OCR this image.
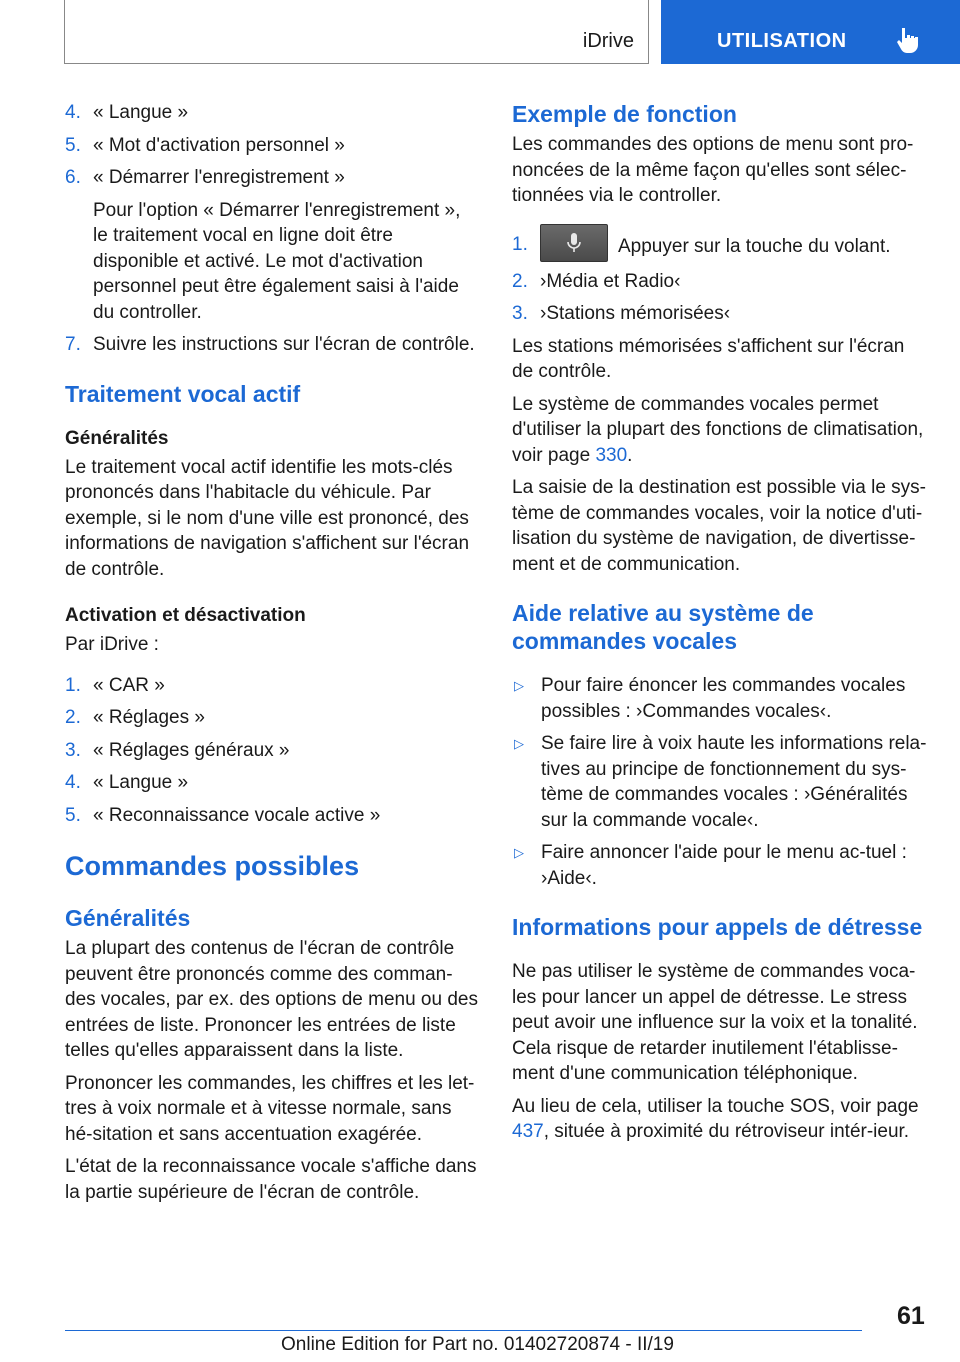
iDrive	UTILISATION
4. « Langue »
5. « Mot d'activation personnel »
6. « Démarrer l'enregistrement »
Pour l'option « Démarrer l'enregistrement », le traitement vocal en ligne doit être disponible et activé. Le mot d'activation personnel peut être également saisi à l'aide du controller.
7. Suivre les instructions sur l'écran de contrôle.
Traitement vocal actif
Généralités

Le traitement vocal actif identifie les mots-clés prononcés dans l'habitacle du véhicule. Par exemple, si le nom d'une ville est prononcé, des informations de navigation s'affichent sur l'écran de contrôle.

Activation et désactivation

Par iDrive :

1. « CAR »
2. « Réglages »
3. « Réglages généraux »
4. « Langue »
5. « Reconnaissance vocale active »
Commandes possibles
Généralités

La plupart des contenus de l'écran de contrôle peuvent être prononcés comme des comman-des vocales, par ex. des options de menu ou des entrées de liste. Prononcer les entrées de liste telles qu'elles apparaissent dans la liste.

Prononcer les commandes, les chiffres et les let-tres à voix normale et à vitesse normale, sans hé-sitation et sans accentuation exagérée.

L'état de la reconnaissance vocale s'affiche dans la partie supérieure de l'écran de contrôle.

Exemple de fonction

Les commandes des options de menu sont pro-noncées de la même façon qu'elles sont sélec-tionnées via le controller.

1.	Appuyer sur la touche du volant.
2. ›Média et Radio‹
3. ›Stations mémorisées‹

Les stations mémorisées s'affichent sur l'écran de contrôle.

Le système de commandes vocales permet d'utiliser la plupart des fonctions de climatisation, voir page 330.

La saisie de la destination est possible via le sys-tème de commandes vocales, voir la notice d'uti-lisation du système de navigation, de divertisse-ment et de communication.

Aide relative au système de commandes vocales
▷ Pour faire énoncer les commandes vocales possibles : ›Commandes vocales‹.
▷ Se faire lire à voix haute les informations rela-tives au principe de fonctionnement du sys-tème de commandes vocales : ›Généralités sur la commande vocale‹.
▷ Faire annoncer l'aide pour le menu ac-tuel : ›Aide‹.
Informations pour appels de détresse

Ne pas utiliser le système de commandes voca-les pour lancer un appel de détresse. Le stress peut avoir une influence sur la voix et la tonalité. Cela risque de retarder inutilement l'établisse-ment d'une communication téléphonique.

Au lieu de cela, utiliser la touche SOS, voir page 437, située à proximité du rétroviseur intér-ieur.

61
Online Edition for Part no. 01402720874 - II/19
